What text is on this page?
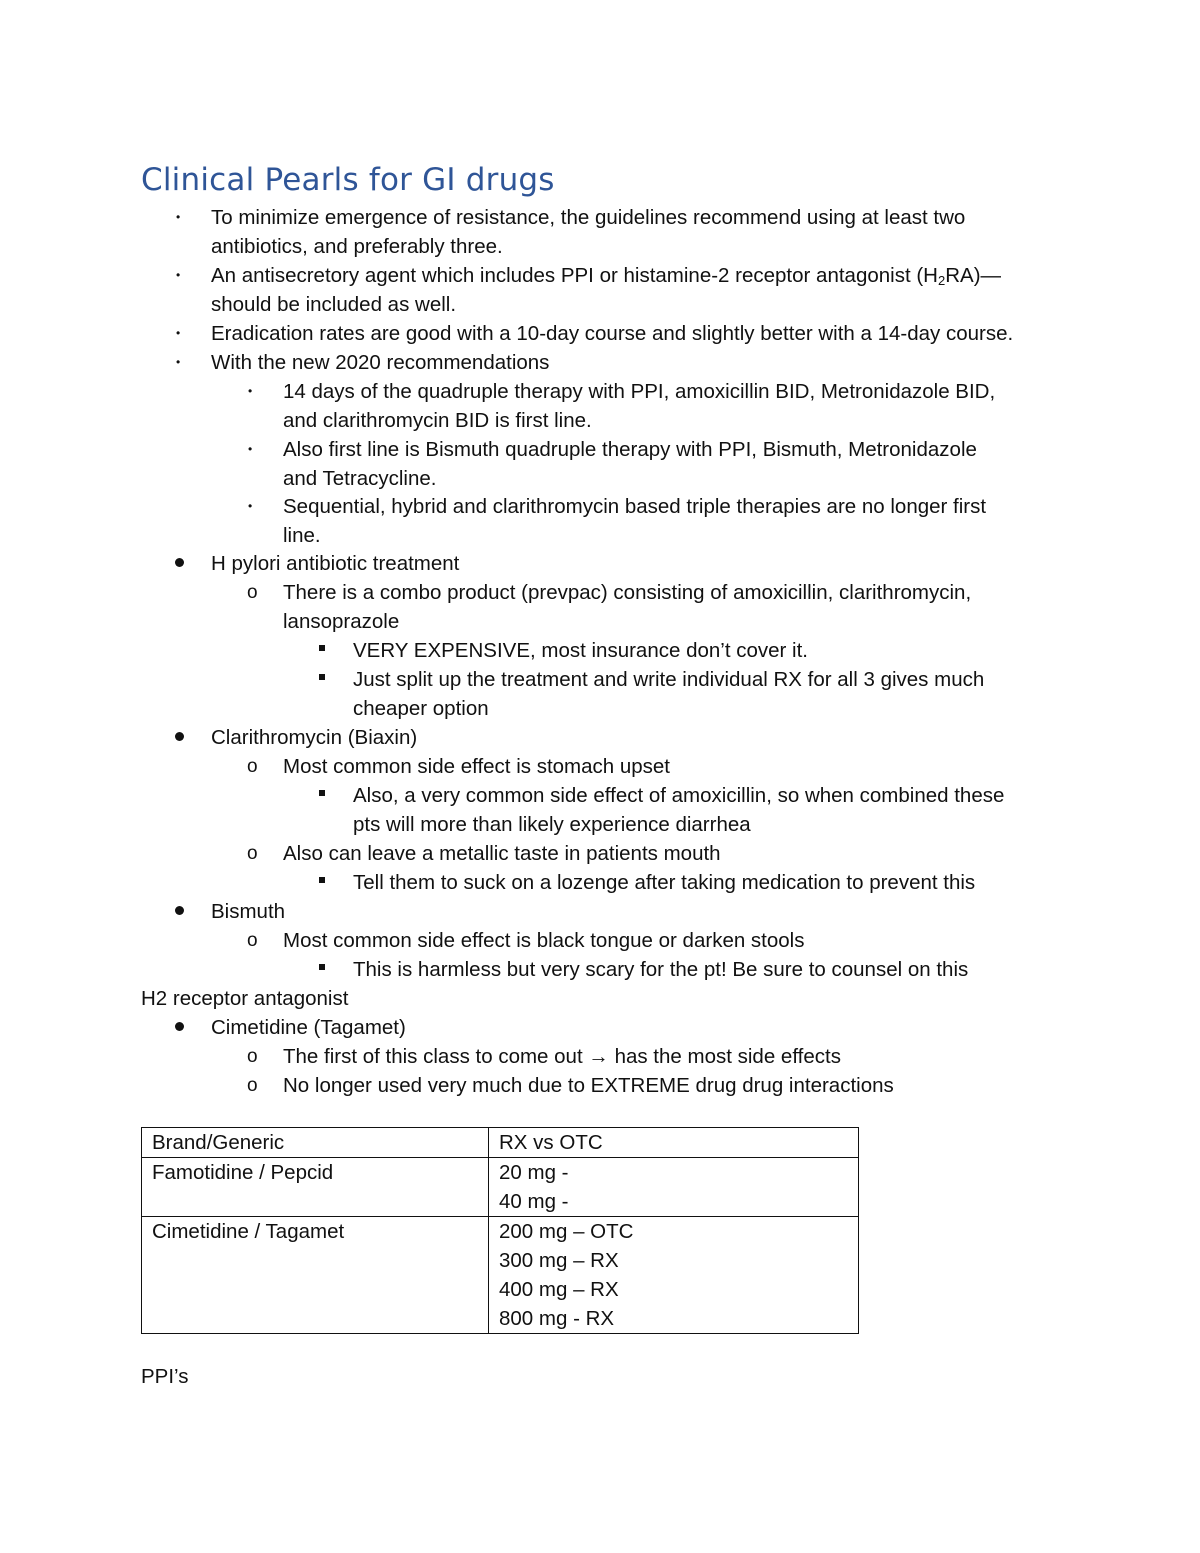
Clinical Pearls for GI drugs
• To minimize emergence of resistance, the guidelines recommend using at least two
antibiotics, and preferably three.
• An antisecretory agent which includes PPI or histamine-2 receptor antagonist $(H_2RA)—$
should be included as well.
• Eradication rates are good with a 10-day course and slightly better with a 14-day course.
• With the new 2020 recommendations
• 14 days of the quadruple therapy with PPI, amoxicillin BID, Metronidazole BID,
and clarithromycin BID is first line.
• Also first line is Bismuth quadruple therapy with PPI, Bismuth, Metronidazole
and Tetracycline.
• Sequential, hybrid and clarithromycin based triple therapies are no longer first
line.
H pylori antibiotic treatment
o There is a combo product (prevpac) consisting of amoxicillin, clarithromycin,
lansoprazole
VERY EXPENSIVE, most insurance don’t cover it.
Just split up the treatment and write individual RX for all 3 gives much
cheaper option
Clarithromycin (Biaxin)
o Most common side effect is stomach upset
Also, a very common side effect of amoxicillin, so when combined these
pts will more than likely experience diarrhea
o Also can leave a metallic taste in patients mouth
Tell them to suck on a lozenge after taking medication to prevent this
Bismuth
o Most common side effect is black tongue or darken stools
This is harmless but very scary for the pt! Be sure to counsel on this
H2 receptor antagonist
Cimetidine (Tagamet)
o The first of this class to come out → has the most side effects
o No longer used very much due to EXTREME drug drug interactions
Brand/Generic	RX vs OTC
Famotidine / Pepcid	20 mg -
40 mg -

Cimetidine / Tagamet	200 mg – OTC
300 mg – RX
400 mg – RX
800 mg - RX
PPI’s
